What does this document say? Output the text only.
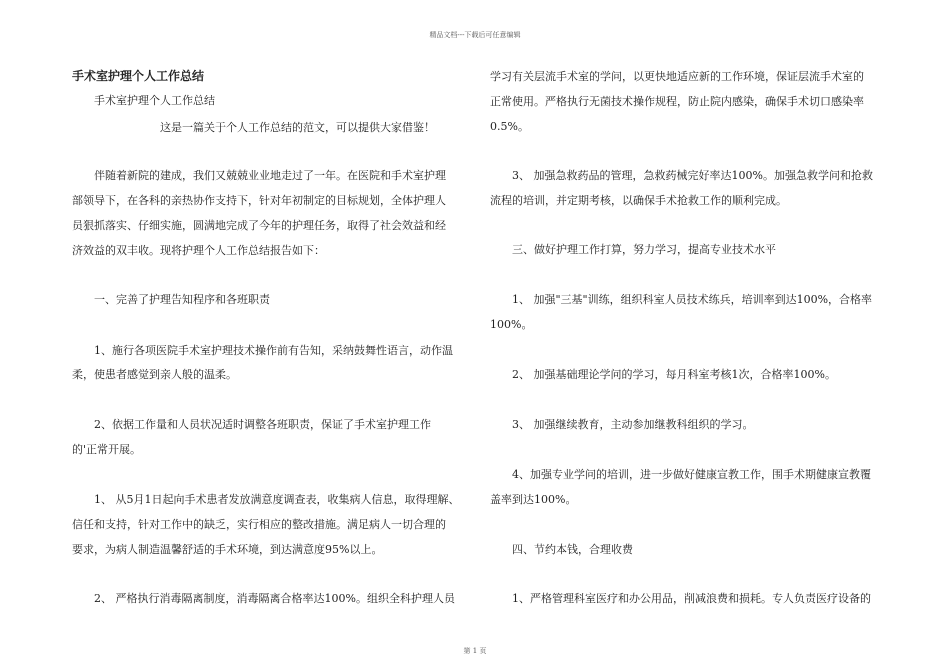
精品文档---下载后可任意编辑
手术室护理个人工作总结
手术室护理个人工作总结
这是一篇关于个人工作总结的范文，可以提供大家借鉴！
伴随着新院的建成，我们又兢兢业业地走过了一年。在医院和手术室护理
部领导下，在各科的亲热协作支持下，针对年初制定的目标规划，全体护理人
员狠抓落实、仔细实施，圆满地完成了今年的护理任务，取得了社会效益和经
济效益的双丰收。现将护理个人工作总结报告如下：
一、完善了护理告知程序和各班职责
1、施行各项医院手术室护理技术操作前有告知，采纳鼓舞性语言，动作温
柔，使患者感觉到亲人般的温柔。
2、依据工作量和人员状况适时调整各班职责，保证了手术室护理工作
的'正常开展。
1、 从5月1日起向手术患者发放满意度调查表，收集病人信息，取得理解、
信任和支持，针对工作中的缺乏，实行相应的整改措施。满足病人一切合理的
要求，为病人制造温馨舒适的手术环境，到达满意度95%以上。
2、 严格执行消毒隔离制度，消毒隔离合格率达100%。组织全科护理人员
学习有关层流手术室的学问，以更快地适应新的工作环境，保证层流手术室的
正常使用。严格执行无菌技术操作规程，防止院内感染，确保手术切口感染率
0.5%。
3、 加强急救药品的管理，急救药械完好率达100%。加强急救学问和抢救
流程的培训，并定期考核，以确保手术抢救工作的顺利完成。
三、做好护理工作打算，努力学习，提高专业技术水平
1、 加强"三基"训练，组织科室人员技术练兵，培训率到达100%，合格率
100%。
2、 加强基础理论学问的学习，每月科室考核1次，合格率100%。
3、 加强继续教育，主动参加继教科组织的学习。
4、加强专业学问的培训，进一步做好健康宣教工作，围手术期健康宣教覆
盖率到达100%。
四、节约本钱，合理收费
1、严格管理科室医疗和办公用品，削减浪费和损耗。专人负责医疗设备的
第 1 页
